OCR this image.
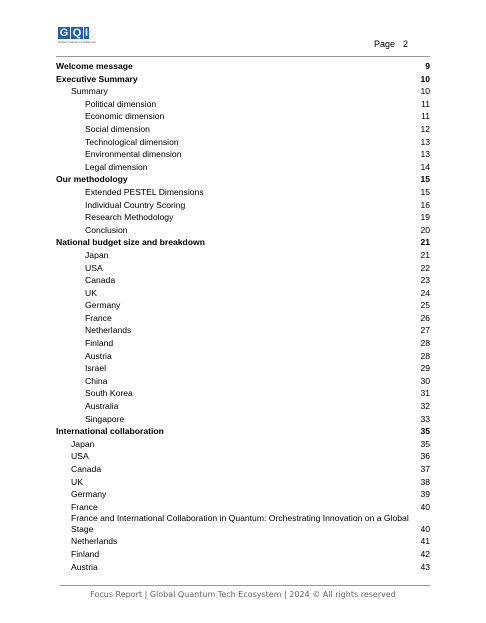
G Q I
Global Quantum Intelligence	Page 2
Welcome message	9
Executive Summary	10
Summary	10
Political dimension	11
Economic dimension	11
Social dimension	12
Technological dimension	13
Environmental dimension	13
Legal dimension	14
Our methodology	15
Extended PESTEL Dimensions	15
Individual Country Scoring	16
Research Methodology	19
Conclusion	20
National budget size and breakdown	21
Japan	21
USA	22
Canada	23
UK	24
Germany	25
France	26
Netherlands	27
Finland	28
Austria	28
Israel	29
China	30
South Korea	31
Australia	32
Singapore	33
International collaboration	35
Japan	35
USA	36
Canada	37
UK	38
Germany	39
France	40
France and International Collaboration in Quantum: Orchestrating Innovation on a Global Stage	40
Netherlands	41
Finland	42
Austria	43
Focus Report | Global Quantum Tech Ecosystem | 2024 © All rights reserved
